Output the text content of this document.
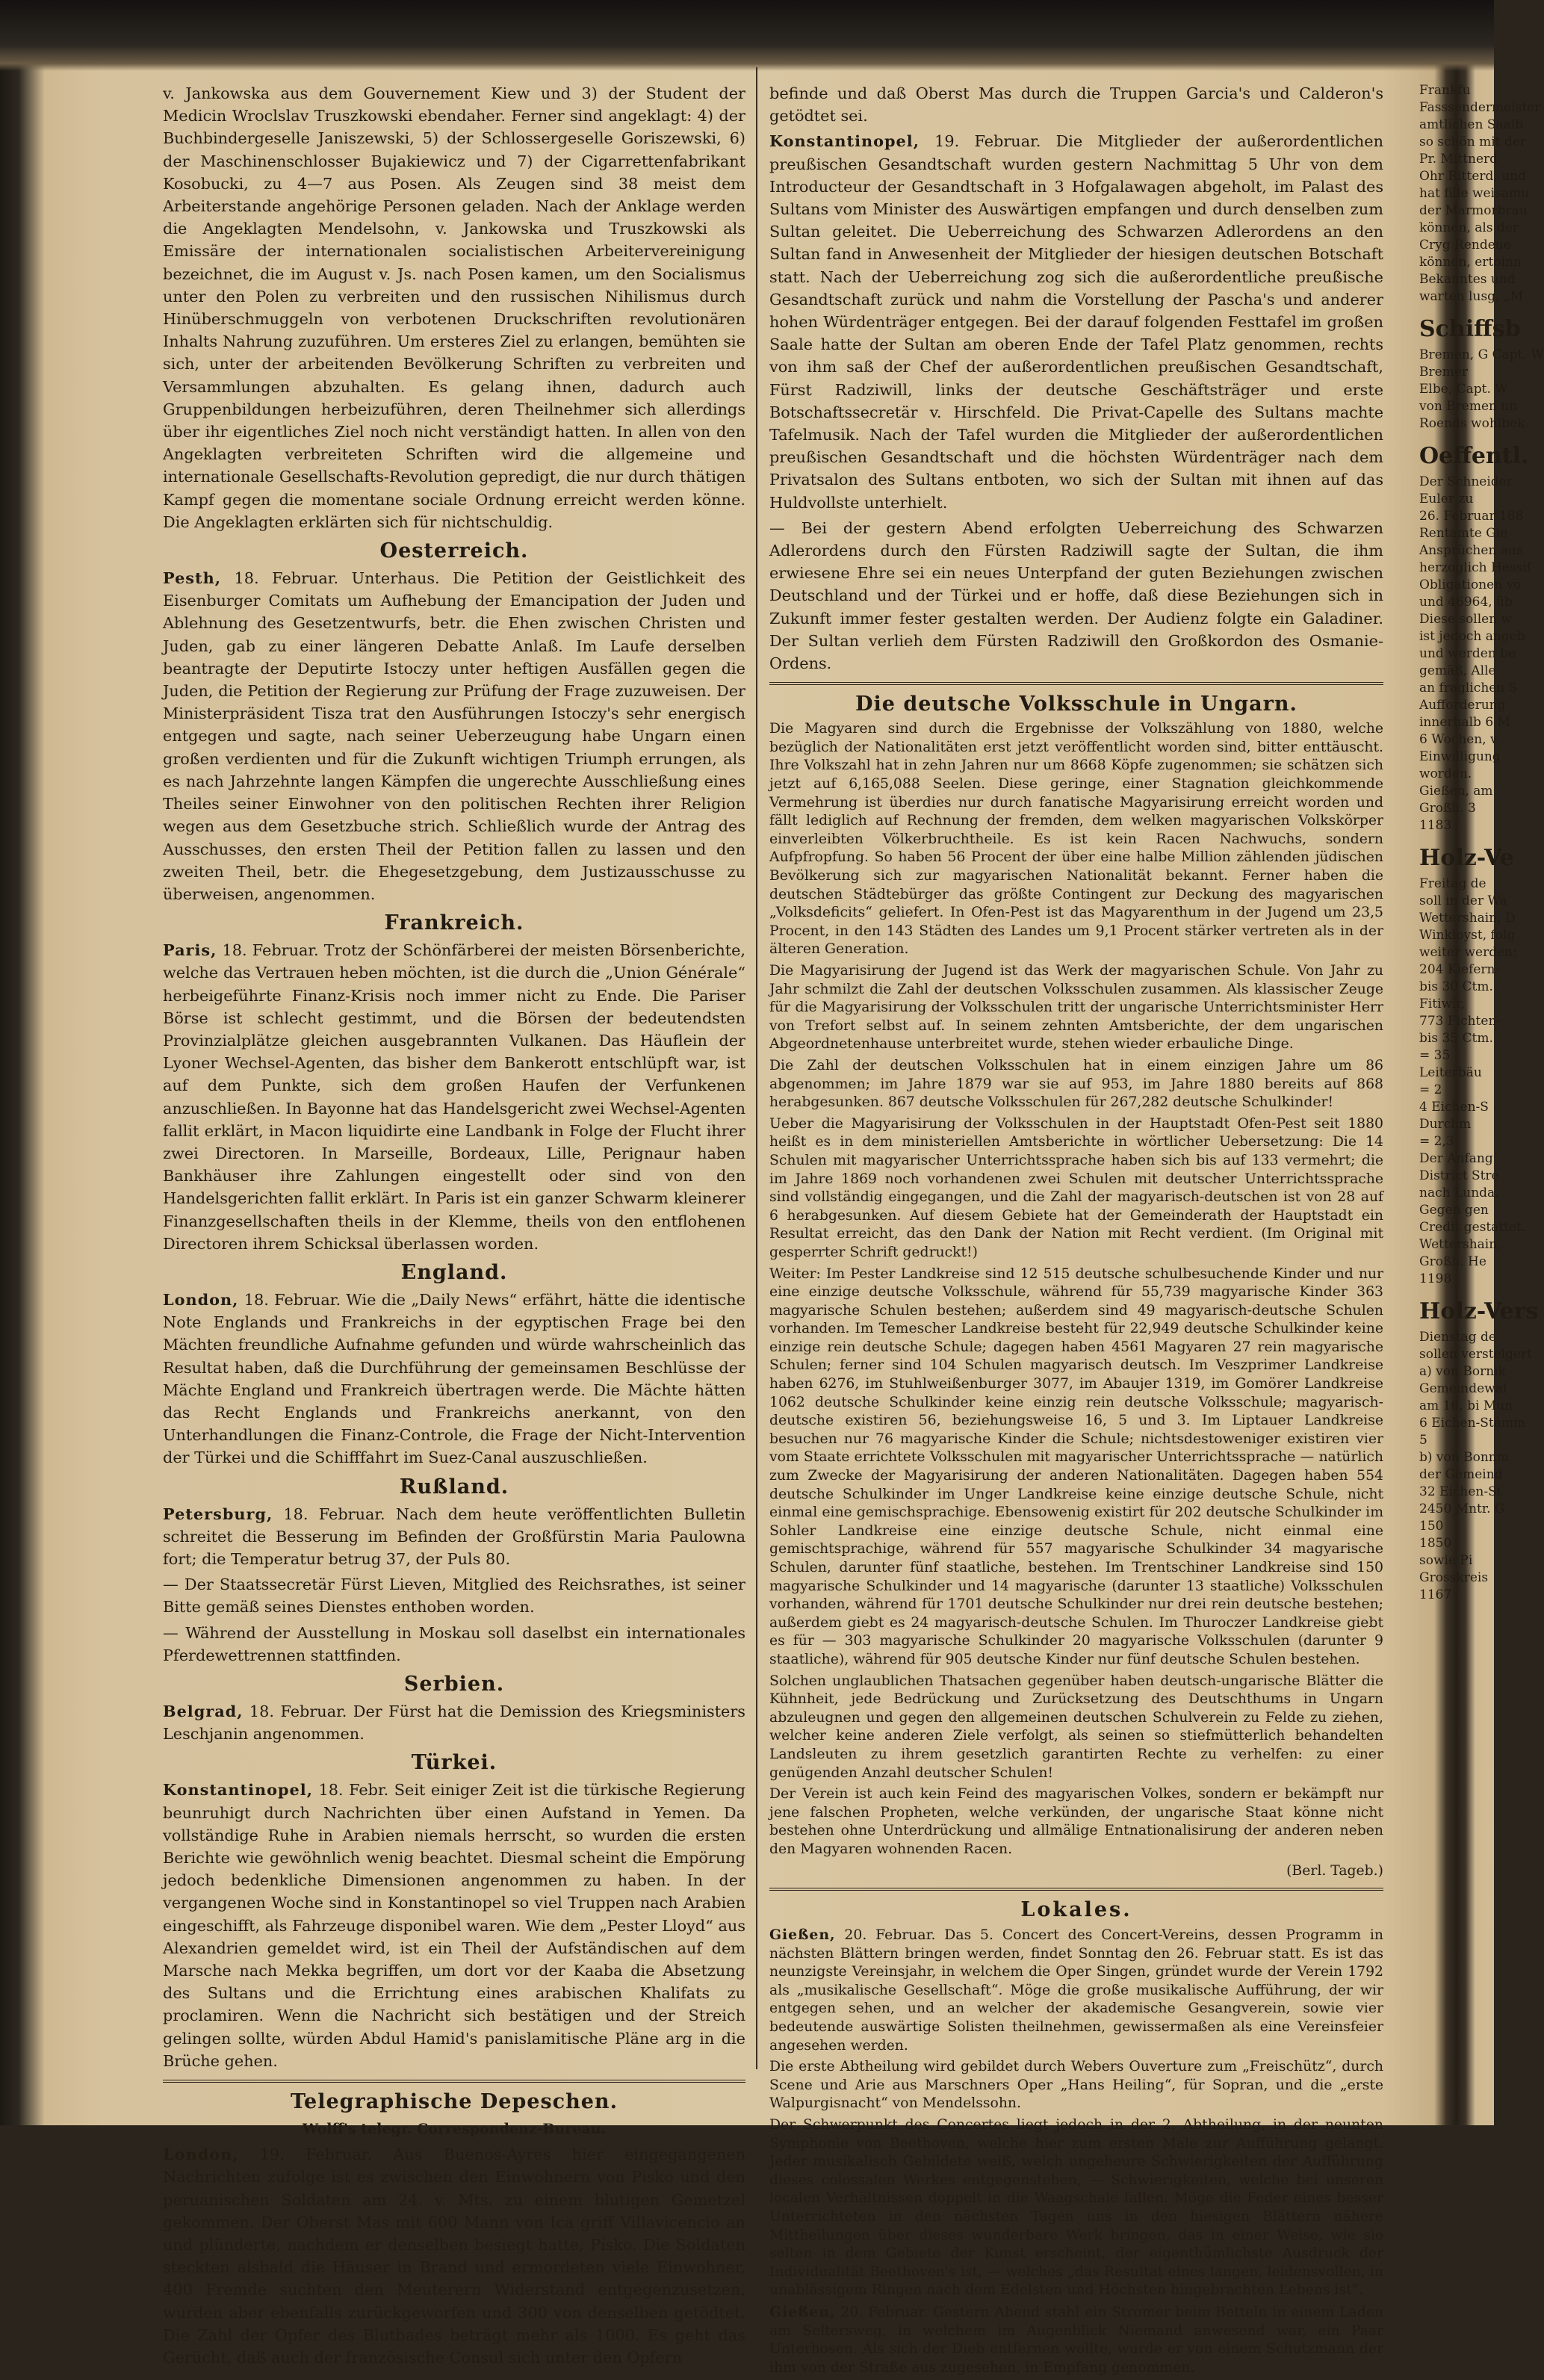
v. Jankowska aus dem Gouvernement Kiew und 3) der Student der Medicin Wroclslav Truszkowski ebendaher. Ferner sind angeklagt: 4) der Buchbindergeselle Janiszewski, 5) der Schlossergeselle Goriszewski, 6) der Maschinenschlosser Bujakiewicz und 7) der Cigarrettenfabrikant Kosobucki, zu 4—7 aus Posen. Als Zeugen sind 38 meist dem Arbeiterstande angehörige Personen geladen. Nach der Anklage werden die Angeklagten Mendelsohn, v. Jankowska und Truszkowski als Emissäre der internationalen socialistischen Arbeitervereinigung bezeichnet, die im August v. Js. nach Posen kamen, um den Socialismus unter den Polen zu verbreiten und den russischen Nihilismus durch Hinüberschmuggeln von verbotenen Druckschriften revolutionären Inhalts Nahrung zuzuführen. Um ersteres Ziel zu erlangen, bemühten sie sich, unter der arbeitenden Bevölkerung Schriften zu verbreiten und Versammlungen abzuhalten. Es gelang ihnen, dadurch auch Gruppenbildungen herbeizuführen, deren Theilnehmer sich allerdings über ihr eigentliches Ziel noch nicht verständigt hatten. In allen von den Angeklagten verbreiteten Schriften wird die allgemeine und internationale Gesellschafts-Revolution gepredigt, die nur durch thätigen Kampf gegen die momentane sociale Ordnung erreicht werden könne. Die Angeklagten erklärten sich für nichtschuldig.

Oesterreich.

Pesth, 18. Februar. Unterhaus. Die Petition der Geistlichkeit des Eisenburger Comitats um Aufhebung der Emancipation der Juden und Ablehnung des Gesetzentwurfs, betr. die Ehen zwischen Christen und Juden, gab zu einer längeren Debatte Anlaß. Im Laufe derselben beantragte der Deputirte Istoczy unter heftigen Ausfällen gegen die Juden, die Petition der Regierung zur Prüfung der Frage zuzuweisen. Der Ministerpräsident Tisza trat den Ausführungen Istoczy's sehr energisch entgegen und sagte, nach seiner Ueberzeugung habe Ungarn einen großen verdienten und für die Zukunft wichtigen Triumph errungen, als es nach Jahrzehnte langen Kämpfen die ungerechte Ausschließung eines Theiles seiner Einwohner von den politischen Rechten ihrer Religion wegen aus dem Gesetzbuche strich. Schließlich wurde der Antrag des Ausschusses, den ersten Theil der Petition fallen zu lassen und den zweiten Theil, betr. die Ehegesetzgebung, dem Justizausschusse zu überweisen, angenommen.

Frankreich.

Paris, 18. Februar. Trotz der Schönfärberei der meisten Börsenberichte, welche das Vertrauen heben möchten, ist die durch die „Union Générale“ herbeigeführte Finanz-Krisis noch immer nicht zu Ende. Die Pariser Börse ist schlecht gestimmt, und die Börsen der bedeutendsten Provinzialplätze gleichen ausgebrannten Vulkanen. Das Häuflein der Lyoner Wechsel-Agenten, das bisher dem Bankerott entschlüpft war, ist auf dem Punkte, sich dem großen Haufen der Verfunkenen anzuschließen. In Bayonne hat das Handelsgericht zwei Wechsel-Agenten fallit erklärt, in Macon liquidirte eine Landbank in Folge der Flucht ihrer zwei Directoren. In Marseille, Bordeaux, Lille, Perignaur haben Bankhäuser ihre Zahlungen eingestellt oder sind von den Handelsgerichten fallit erklärt. In Paris ist ein ganzer Schwarm kleinerer Finanzgesellschaften theils in der Klemme, theils von den entflohenen Directoren ihrem Schicksal überlassen worden.

England.

London, 18. Februar. Wie die „Daily News“ erfährt, hätte die identische Note Englands und Frankreichs in der egyptischen Frage bei den Mächten freundliche Aufnahme gefunden und würde wahrscheinlich das Resultat haben, daß die Durchführung der gemeinsamen Beschlüsse der Mächte England und Frankreich übertragen werde. Die Mächte hätten das Recht Englands und Frankreichs anerkannt, von den Unterhandlungen die Finanz-Controle, die Frage der Nicht-Intervention der Türkei und die Schifffahrt im Suez-Canal auszuschließen.

Rußland.

Petersburg, 18. Februar. Nach dem heute veröffentlichten Bulletin schreitet die Besserung im Befinden der Großfürstin Maria Paulowna fort; die Temperatur betrug 37, der Puls 80.

— Der Staatssecretär Fürst Lieven, Mitglied des Reichsrathes, ist seiner Bitte gemäß seines Dienstes enthoben worden.

— Während der Ausstellung in Moskau soll daselbst ein internationales Pferdewettrennen stattfinden.

Serbien.

Belgrad, 18. Februar. Der Fürst hat die Demission des Kriegsministers Leschjanin angenommen.

Türkei.

Konstantinopel, 18. Febr. Seit einiger Zeit ist die türkische Regierung beunruhigt durch Nachrichten über einen Aufstand in Yemen. Da vollständige Ruhe in Arabien niemals herrscht, so wurden die ersten Berichte wie gewöhnlich wenig beachtet. Diesmal scheint die Empörung jedoch bedenkliche Dimensionen angenommen zu haben. In der vergangenen Woche sind in Konstantinopel so viel Truppen nach Arabien eingeschifft, als Fahrzeuge disponibel waren. Wie dem „Pester Lloyd“ aus Alexandrien gemeldet wird, ist ein Theil der Aufständischen auf dem Marsche nach Mekka begriffen, um dort vor der Kaaba die Absetzung des Sultans und die Errichtung eines arabischen Khalifats zu proclamiren. Wenn die Nachricht sich bestätigen und der Streich gelingen sollte, würden Abdul Hamid's panislamitische Pläne arg in die Brüche gehen.

Telegraphische Depeschen.

Wolff's telegr. Correspondenz-Bureau.

London, 19. Februar. Aus Buenos-Ayres hier eingegangenen Nachrichten zufolge ist es zwischen den Einwohnern von Pisko und den peruanischen Soldaten am 24. v. Mts. zu einem blutigen Gemetzel gekommen. Der Oberst Mas mit 600 Mann von Ica griff Villavicencio an und plünderte, nachdem er denselben besiegt hatte, Pisko. Die Soldaten steckten alsbald die Häuser in Brand und ermordeten viele Einwohner, 400 Fremde suchten den Meuterern Widerstand entgegenzusetzen, wurden aber ebenfalls zurückgeworfen und 300 von denselben getödtet. Die Zahl der Opfer des Blutbades beträgt mehr als 1000. Es geht das Gerücht, daß auch der französische Consul sich unter den Opfern

befinde und daß Oberst Mas durch die Truppen Garcia's und Calderon's getödtet sei.

Konstantinopel, 19. Februar. Die Mitglieder der außerordentlichen preußischen Gesandtschaft wurden gestern Nachmittag 5 Uhr von dem Introducteur der Gesandtschaft in 3 Hofgalawagen abgeholt, im Palast des Sultans vom Minister des Auswärtigen empfangen und durch denselben zum Sultan geleitet. Die Ueberreichung des Schwarzen Adlerordens an den Sultan fand in Anwesenheit der Mitglieder der hiesigen deutschen Botschaft statt. Nach der Ueberreichung zog sich die außerordentliche preußische Gesandtschaft zurück und nahm die Vorstellung der Pascha's und anderer hohen Würdenträger entgegen. Bei der darauf folgenden Festtafel im großen Saale hatte der Sultan am oberen Ende der Tafel Platz genommen, rechts von ihm saß der Chef der außerordentlichen preußischen Gesandtschaft, Fürst Radziwill, links der deutsche Geschäftsträger und erste Botschaftssecretär v. Hirschfeld. Die Privat-Capelle des Sultans machte Tafelmusik. Nach der Tafel wurden die Mitglieder der außerordentlichen preußischen Gesandtschaft und die höchsten Würdenträger nach dem Privatsalon des Sultans entboten, wo sich der Sultan mit ihnen auf das Huldvollste unterhielt.

— Bei der gestern Abend erfolgten Ueberreichung des Schwarzen Adlerordens durch den Fürsten Radziwill sagte der Sultan, die ihm erwiesene Ehre sei ein neues Unterpfand der guten Beziehungen zwischen Deutschland und der Türkei und er hoffe, daß diese Beziehungen sich in Zukunft immer fester gestalten werden. Der Audienz folgte ein Galadiner. Der Sultan verlieh dem Fürsten Radziwill den Großkordon des Osmanie-Ordens.

Die deutsche Volksschule in Ungarn.

Die Magyaren sind durch die Ergebnisse der Volkszählung von 1880, welche bezüglich der Nationalitäten erst jetzt veröffentlicht worden sind, bitter enttäuscht. Ihre Volkszahl hat in zehn Jahren nur um 8668 Köpfe zugenommen; sie schätzen sich jetzt auf 6,165,088 Seelen. Diese geringe, einer Stagnation gleichkommende Vermehrung ist überdies nur durch fanatische Magyarisirung erreicht worden und fällt lediglich auf Rechnung der fremden, dem welken magyarischen Volkskörper einverleibten Völkerbruchtheile. Es ist kein Racen Nachwuchs, sondern Aufpfropfung. So haben 56 Procent der über eine halbe Million zählenden jüdischen Bevölkerung sich zur magyarischen Nationalität bekannt. Ferner haben die deutschen Städtebürger das größte Contingent zur Deckung des magyarischen „Volksdeficits“ geliefert. In Ofen-Pest ist das Magyarenthum in der Jugend um 23,5 Procent, in den 143 Städten des Landes um 9,1 Procent stärker vertreten als in der älteren Generation.

Die Magyarisirung der Jugend ist das Werk der magyarischen Schule. Von Jahr zu Jahr schmilzt die Zahl der deutschen Volksschulen zusammen. Als klassischer Zeuge für die Magyarisirung der Volksschulen tritt der ungarische Unterrichtsminister Herr von Trefort selbst auf. In seinem zehnten Amtsberichte, der dem ungarischen Abgeordnetenhause unterbreitet wurde, stehen wieder erbauliche Dinge.

Die Zahl der deutschen Volksschulen hat in einem einzigen Jahre um 86 abgenommen; im Jahre 1879 war sie auf 953, im Jahre 1880 bereits auf 868 herabgesunken. 867 deutsche Volksschulen für 267,282 deutsche Schulkinder!

Ueber die Magyarisirung der Volksschulen in der Hauptstadt Ofen-Pest seit 1880 heißt es in dem ministeriellen Amtsberichte in wörtlicher Uebersetzung: Die 14 Schulen mit magyarischer Unterrichtssprache haben sich bis auf 133 vermehrt; die im Jahre 1869 noch vorhandenen zwei Schulen mit deutscher Unterrichtssprache sind vollständig eingegangen, und die Zahl der magyarisch-deutschen ist von 28 auf 6 herabgesunken. Auf diesem Gebiete hat der Gemeinderath der Hauptstadt ein Resultat erreicht, das den Dank der Nation mit Recht verdient. (Im Original mit gesperrter Schrift gedruckt!)

Weiter: Im Pester Landkreise sind 12 515 deutsche schulbesuchende Kinder und nur eine einzige deutsche Volksschule, während für 55,739 magyarische Kinder 363 magyarische Schulen bestehen; außerdem sind 49 magyarisch-deutsche Schulen vorhanden. Im Temescher Landkreise besteht für 22,949 deutsche Schulkinder keine einzige rein deutsche Schule; dagegen haben 4561 Magyaren 27 rein magyarische Schulen; ferner sind 104 Schulen magyarisch deutsch. Im Veszprimer Landkreise haben 6276, im Stuhlweißenburger 3077, im Abaujer 1319, im Gomörer Landkreise 1062 deutsche Schulkinder keine einzig rein deutsche Volksschule; magyarisch-deutsche existiren 56, beziehungsweise 16, 5 und 3. Im Liptauer Landkreise besuchen nur 76 magyarische Kinder die Schule; nichtsdestoweniger existiren vier vom Staate errichtete Volksschulen mit magyarischer Unterrichtssprache — natürlich zum Zwecke der Magyarisirung der anderen Nationalitäten. Dagegen haben 554 deutsche Schulkinder im Unger Landkreise keine einzige deutsche Schule, nicht einmal eine gemischsprachige. Ebensowenig existirt für 202 deutsche Schulkinder im Sohler Landkreise eine einzige deutsche Schule, nicht einmal eine gemischtsprachige, während für 557 magyarische Schulkinder 34 magyarische Schulen, darunter fünf staatliche, bestehen. Im Trentschiner Landkreise sind 150 magyarische Schulkinder und 14 magyarische (darunter 13 staatliche) Volksschulen vorhanden, während für 1701 deutsche Schulkinder nur drei rein deutsche bestehen; außerdem giebt es 24 magyarisch-deutsche Schulen. Im Thuroczer Landkreise giebt es für — 303 magyarische Schulkinder 20 magyarische Volksschulen (darunter 9 staatliche), während für 905 deutsche Kinder nur fünf deutsche Schulen bestehen.

Solchen unglaublichen Thatsachen gegenüber haben deutsch-ungarische Blätter die Kühnheit, jede Bedrückung und Zurücksetzung des Deutschthums in Ungarn abzuleugnen und gegen den allgemeinen deutschen Schulverein zu Felde zu ziehen, welcher keine anderen Ziele verfolgt, als seinen so stiefmütterlich behandelten Landsleuten zu ihrem gesetzlich garantirten Rechte zu verhelfen: zu einer genügenden Anzahl deutscher Schulen!

Der Verein ist auch kein Feind des magyarischen Volkes, sondern er bekämpft nur jene falschen Propheten, welche verkünden, der ungarische Staat könne nicht bestehen ohne Unterdrückung und allmälige Entnationalisirung der anderen neben den Magyaren wohnenden Racen.

(Berl. Tageb.)

Lokales.

Gießen, 20. Februar. Das 5. Concert des Concert-Vereins, dessen Programm in nächsten Blättern bringen werden, findet Sonntag den 26. Februar statt. Es ist das neunzigste Vereinsjahr, in welchem die Oper Singen, gründet wurde der Verein 1792 als „musikalische Gesellschaft“. Möge die große musikalische Aufführung, der wir entgegen sehen, und an welcher der akademische Gesangverein, sowie vier bedeutende auswärtige Solisten theilnehmen, gewissermaßen als eine Vereinsfeier angesehen werden.

Die erste Abtheilung wird gebildet durch Webers Ouverture zum „Freischütz“, durch Scene und Arie aus Marschners Oper „Hans Heiling“, für Sopran, und die „erste Walpurgisnacht“ von Mendelssohn.

Der Schwerpunkt des Concertes liegt jedoch in der 2. Abtheilung, in der neunten Symphonie von Beethoven, welche hier zum ersten Male zur Aufführung gelangt. Jeder musikalisch Gebildete weiß, welch ungeheure Schwierigkeiten der Aufführung dieses colossalen Werkes entgegenstehen, — Schwierigkeiten, welche bei unseren localen Verhältnissen doppelt in die Waagschale fallen. Möge die Feder eines besser Unterrichteten in den nächsten Tagen uns in den hiesigen Blättern nähere Mittheilungen über dieses wunderbare Werk bringen, das in einer Weise, wie sie selten in dem Gebiete der Kunst erscheint, der eigenthümlichste Ausdruck der Individualität Beethoven's ist, — welches „das Resultat eines langen, leidensvollen, in unablässigem Ringen nach dem Edelsten und Höchsten hingebrachten Lebens ist“.

Gießen, 20. Februar. Gestern Abend stahl ein Stromer beim Betteln in einem Laden am Seltersweg, in welchem im Augenblick Niemand anwesend war, ein Paar Unterhosen. Als sich der Dieb entfernen wollte, wurde er von einem Schutzmann der ihm von der Straße aus zugesehen, in Empfang genommen.

Frankfu

Fasssendermeister

amtlichen Saalb

so schön mit der

Pr. Mittnerd

Ohr Ritterd, und

hat fille weisamu

der Marmorbrau

können, als der

Cryg Rendeue

können, ertoinn

Bekanntes und

warten lusg, „M

Schiffsb

Bremen, G Capt. W

Bremer

Elbe, Capt. W

von Bremen un

Roends wohlbek

Oeffentl.

Der Schneider

Euler zu

26. Februar 188

Rentamte Gie

Ansprüchen aus

herzoglich Hessiſ

Obligationen vo

und 46964, üb

Diese sollen w

ist jedoch angeb

und werden be

gemäß, Alle

an fraglichen S

Aufforderung

innerhalb 6 M

6 Wochen, v

Einwilligung

worden.

Gießen, am

Großh. 3

1183

Holz-Ve

Freitag de

soll in der Wa

Wettershain, D

Winkloyst, folg

weiter werden:

204 Kiefern-

bis 30 Ctm.

Fitiwir,

773 Fichten-

bis 35 Ctm.

= 35

Leiterbäu

= 2

4 Eichen-S

Durchm

= 2,3

Der Anfang

District Stre

nach Lunda,

Gegen gen

Credit gestattet.

Wettershain,

Großh. He

1198

Holz-Vers

Dienstag de

sollen versteigert

a) von Bornik

Gemeindewal

am 16, bi Mun

6 Eichen-Stämm

5

b) von Bonnm

der Gemeind

32 Eichen-St

2450 Mntr. G

150

1850

sowie Pi

Grosskreis

1167
